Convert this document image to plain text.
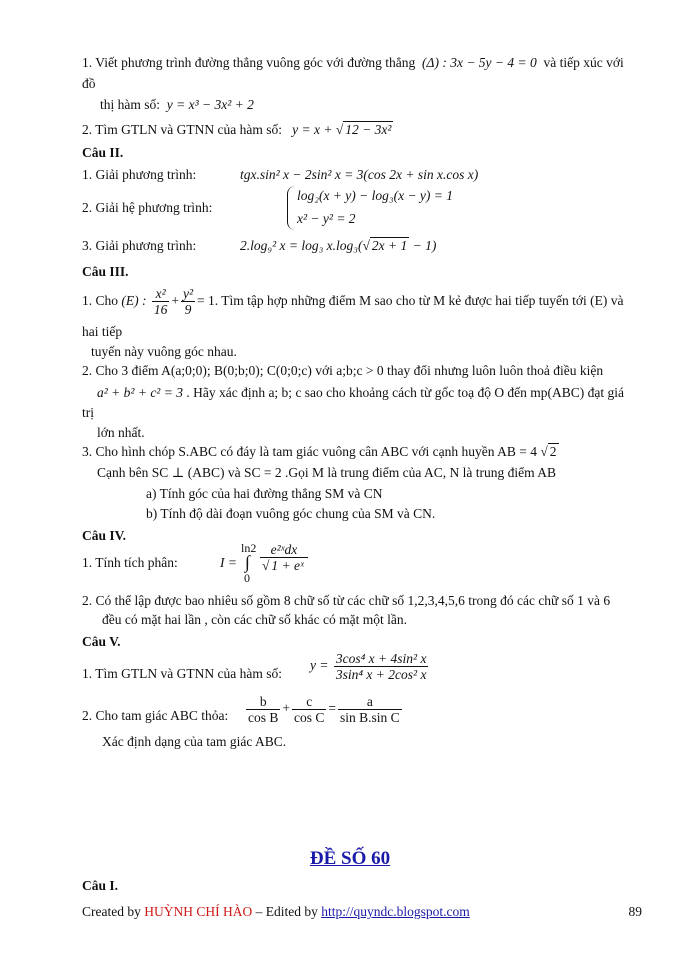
1. Viết phương trình đường thẳng vuông góc với đường thẳng (Δ) : 3x − 5y − 4 = 0 và tiếp xúc với
đồ
thị hàm số: y = x³ − 3x² + 2
2. Tìm GTLN và GTNN của hàm số: y = x + √ 12 − 3x²
Câu II.
1. Giải phương trình:	tgx.sin² x − 2sin² x = 3(cos 2x + sin x.cos x)
2. Giải hệ phương trình:
log₂(x + y) − log₃(x − y) = 1
x² − y² = 2
3. Giải phương trình:	2.log₉² x = log₃ x.log₃(√ 2x + 1 − 1)
Câu III.
1. Cho (E) : $\frac{\text{x²}}{16} + \frac{\text{y²}}{9} = 1$. Tìm tập hợp những điểm M sao cho từ M kẻ được hai tiếp tuyến tới (E) và
hai tiếp
tuyến này vuông góc nhau.
2. Cho 3 điểm A(a;0;0); B(0;b;0); C(0;0;c) với a;b;c > 0 thay đổi nhưng luôn luôn thoả điều kiện
a² + b² + c² = 3 . Hãy xác định a; b; c sao cho khoảng cách từ gốc toạ độ O đến mp(ABC) đạt giá
trị
lớn nhất.
3. Cho hình chóp S.ABC có đáy là tam giác vuông cân ABC với cạnh huyền AB = 4 √ 2
Cạnh bên SC ⊥ (ABC) và SC = 2 .Gọi M là trung điểm của AC, N là trung điểm AB
a) Tính góc của hai đường thẳng SM và CN
b) Tính độ dài đoạn vuông góc chung của SM và CN.
Câu IV.
1. Tính tích phân:	I =
ln2
∫
0
$\frac{\text{e²ˣdx}}{\text{√ 1 + eˣ}}$
2. Có thể lập được bao nhiêu số gồm 8 chữ số từ các chữ số 1,2,3,4,5,6 trong đó các chữ số 1 và 6
đều có mặt hai lần , còn các chữ số khác có mặt một lần.
Câu V.
1. Tìm GTLN và GTNN của hàm số:
$y = \frac{\text{3cos⁴ x + 4sin² x}}{\text{3sin⁴ x + 2cos² x}}$
2. Cho tam giác ABC thỏa: $\frac{b}{\text{cos B}} + \frac{c}{\text{cos C}} = \frac{a}{\text{sin B.sin C}}$
Xác định dạng của tam giác ABC.
ĐỀ SỐ 60
Câu I.
Created by HUỲNH CHÍ HÀO – Edited by http://quyndc.blogspot.com	89
